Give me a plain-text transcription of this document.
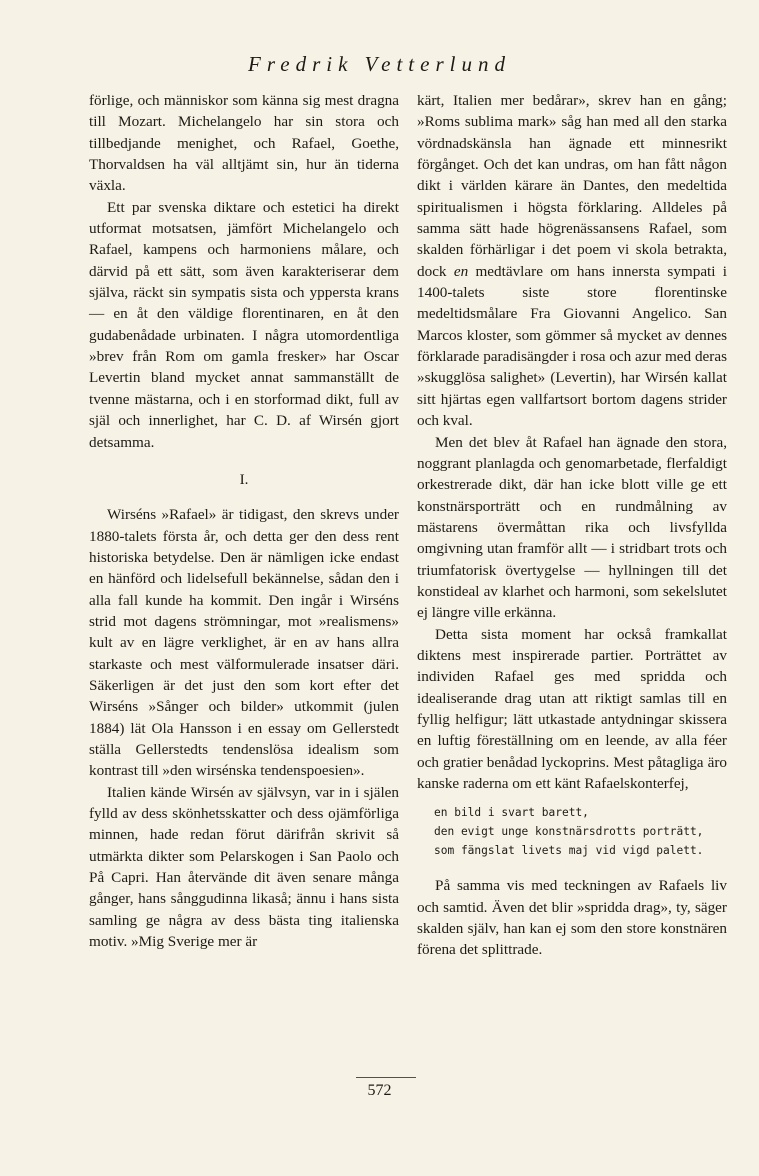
Fredrik Vetterlund

förlige, och människor som känna sig mest dragna till Mozart. Michelangelo har sin stora och tillbedjande menighet, och Rafael, Goethe, Thorvaldsen ha väl alltjämt sin, hur än tiderna växla.

Ett par svenska diktare och estetici ha direkt utformat motsatsen, jämfört Michelangelo och Rafael, kampens och harmoniens målare, och därvid på ett sätt, som även karakteriserar dem själva, räckt sin sympatis sista och yppersta krans — en åt den väldige florentinaren, en åt den gudabenådade urbinaten. I några utomordentliga »brev från Rom om gamla fresker» har Oscar Levertin bland mycket annat sammanställt de tvenne mästarna, och i en storformad dikt, full av själ och innerlighet, har C. D. af Wirsén gjort detsamma.

I.

Wirséns »Rafael» är tidigast, den skrevs under 1880-talets första år, och detta ger den dess rent historiska betydelse. Den är nämligen icke endast en hänförd och lidelsefull bekännelse, sådan den i alla fall kunde ha kommit. Den ingår i Wirséns strid mot dagens strömningar, mot »realismens» kult av en lägre verklighet, är en av hans allra starkaste och mest välformulerade insatser däri. Säkerligen är det just den som kort efter det Wirséns »Sånger och bilder» utkommit (julen 1884) lät Ola Hansson i en essay om Gellerstedt ställa Gellerstedts tendenslösa idealism som kontrast till »den wirsénska tendenspoesien».

Italien kände Wirsén av självsyn, var in i själen fylld av dess skönhetsskatter och dess ojämförliga minnen, hade redan förut därifrån skrivit så utmärkta dikter som Pelarskogen i San Paolo och På Capri. Han återvände dit även senare många gånger, hans sånggudinna likaså; ännu i hans sista samling ge några av dess bästa ting italienska motiv. »Mig Sverige mer är

kärt, Italien mer bedårar», skrev han en gång; »Roms sublima mark» såg han med all den starka vördnadskänsla han ägnade ett minnesrikt förgånget. Och det kan undras, om han fått någon dikt i världen kärare än Dantes, den medeltida spiritualismen i högsta förklaring. Alldeles på samma sätt hade högrenässansens Rafael, som skalden förhärligar i det poem vi skola betrakta, dock en medtävlare om hans innersta sympati i 1400-talets siste store florentinske medeltidsmålare Fra Giovanni Angelico. San Marcos kloster, som gömmer så mycket av dennes förklarade paradisängder i rosa och azur med deras »skugglösa salighet» (Levertin), har Wirsén kallat sitt hjärtas egen vallfartsort bortom dagens strider och kval.

Men det blev åt Rafael han ägnade den stora, noggrant planlagda och genomarbetade, flerfaldigt orkestrerade dikt, där han icke blott ville ge ett konstnärsporträtt och en rundmålning av mästarens övermåttan rika och livsfyllda omgivning utan framför allt — i stridbart trots och triumfatorisk övertygelse — hyllningen till det konstideal av klarhet och harmoni, som sekelslutet ej längre ville erkänna.

Detta sista moment har också framkallat diktens mest inspirerade partier. Porträttet av individen Rafael ges med spridda och idealiserande drag utan att riktigt samlas till en fyllig helfigur; lätt utkastade antydningar skissera en luftig föreställning om en leende, av alla féer och gratier benådad lyckoprins. Mest påtagliga äro kanske raderna om ett känt Rafaelskonterfej,

en bild i svart barett,
den evigt unge konstnärsdrotts porträtt,
som fängslat livets maj vid vigd palett.

På samma vis med teckningen av Rafaels liv och samtid. Även det blir »spridda drag», ty, säger skalden själv, han kan ej som den store konstnären förena det splittrade.

572
